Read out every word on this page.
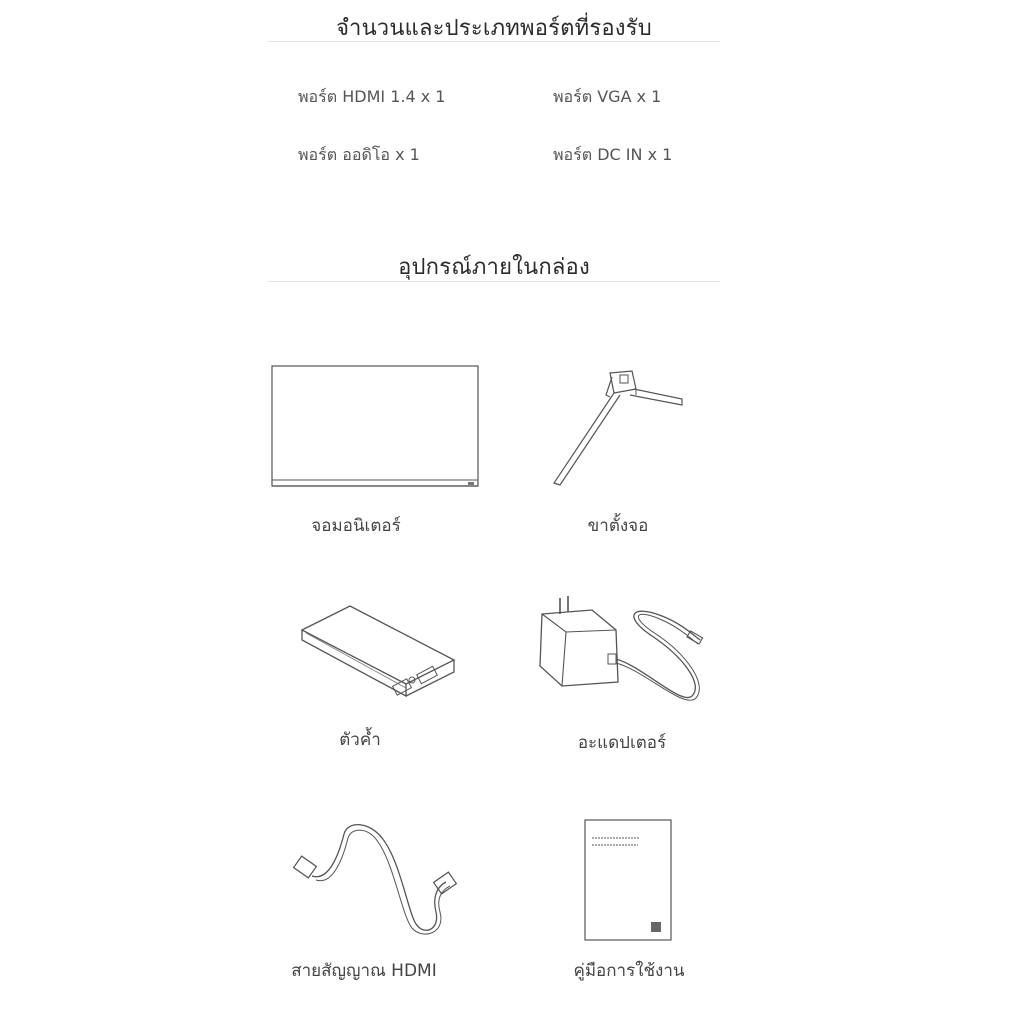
จำนวนและประเภทพอร์ตที่รองรับ
พอร์ต HDMI 1.4 x 1	พอร์ต VGA x 1
พอร์ต ออดิโอ x 1	พอร์ต DC IN x 1
อุปกรณ์ภายในกล่อง
จอมอนิเตอร์	ขาตั้งจอ
ตัวค้ำ	อะแดปเตอร์
สายสัญญาณ HDMI	คู่มือการใช้งาน
